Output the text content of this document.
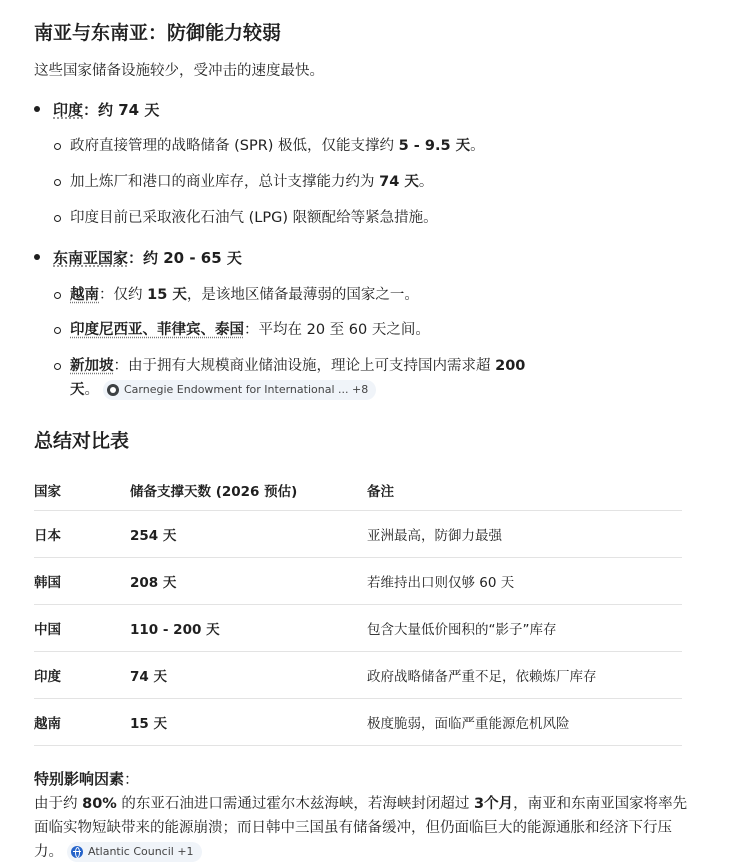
南亚与东南亚：防御能力较弱
这些国家储备设施较少，受冲击的速度最快。
印度：约 74 天
政府直接管理的战略储备 (SPR) 极低，仅能支撑约 5 - 9.5 天。
加上炼厂和港口的商业库存，总计支撑能力约为 74 天。
印度目前已采取液化石油气 (LPG) 限额配给等紧急措施。
东南亚国家：约 20 - 65 天
越南：仅约 15 天，是该地区储备最薄弱的国家之一。
印度尼西亚、菲律宾、泰国：平均在 20 至 60 天之间。
新加坡：由于拥有大规模商业储油设施，理论上可支持国内需求超 200
天。 Carnegie Endowment for International ...
+8
总结对比表
国家	储备支撑天数 (2026 预估)	备注
日本	254 天	亚洲最高，防御力最强
韩国	208 天	若维持出口则仅够 60 天
中国	110 - 200 天	包含大量低价囤积的“影子”库存
印度	74 天	政府战略储备严重不足，依赖炼厂库存
越南	15 天	极度脆弱，面临严重能源危机风险
特别影响因素：
由于约 80% 的东亚石油进口需通过霍尔木兹海峡，若海峡封闭超过 3个月，南亚和东南亚国家将率先面临实物短缺带来的能源崩溃；而日韩中三国虽有储备缓冲，但仍面临巨大的能源通胀和经济下行压力。 Atlantic Council
+1
